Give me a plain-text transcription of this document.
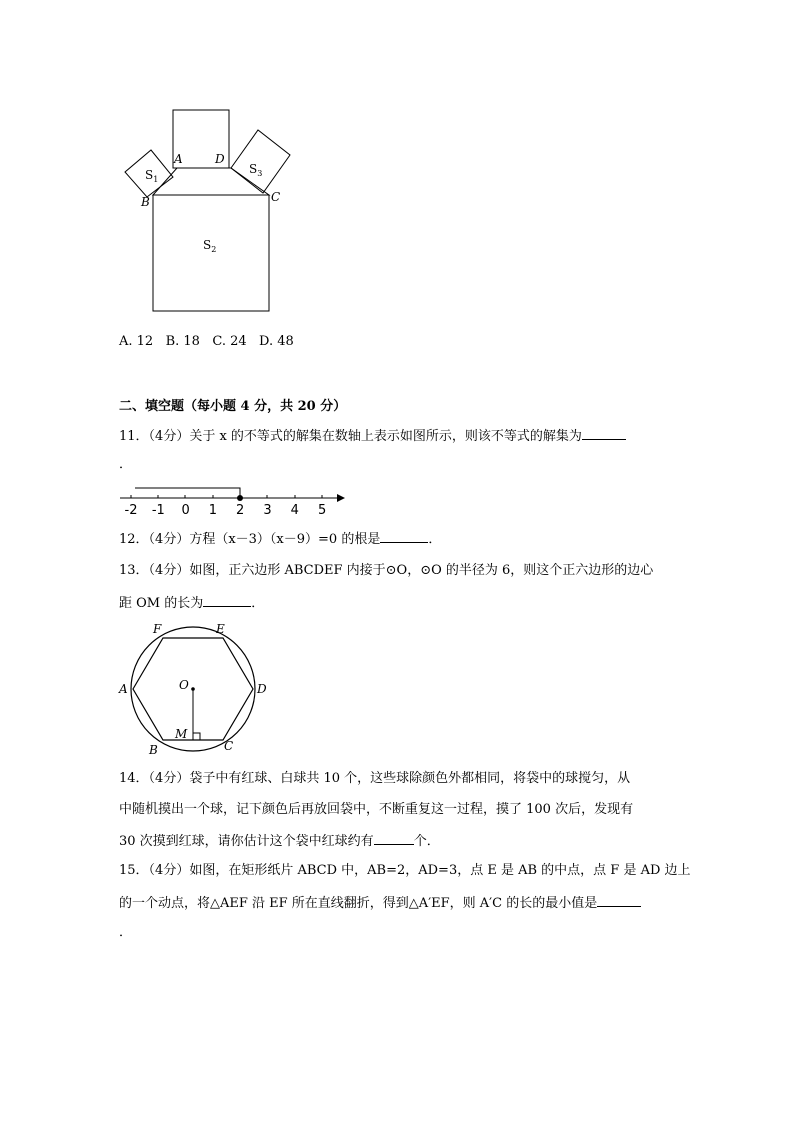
A	D
B	C
$S_1$
$S_3$
$S_2$
A. 12   B. 18   C. 24   D. 48
二、填空题（每小题 4 分，共 20 分）
11．（4分）关于 x 的不等式的解集在数轴上表示如图所示，则该不等式的解集为
．
-2 -1 0 1 2 3 4 5
12．（4分）方程（x－3）（x－9）=0 的根是	．
13．（4分）如图，正六边形 ABCDEF 内接于⊙O，⊙O 的半径为 6，则这个正六边形的边心
距 OM 的长为	．
F	E
A	D
O
M
B	C
14．（4分）袋子中有红球、白球共 10 个，这些球除颜色外都相同，将袋中的球搅匀，从
中随机摸出一个球，记下颜色后再放回袋中，不断重复这一过程，摸了 100 次后，发现有
30 次摸到红球，请你估计这个袋中红球约有	个．
15．（4分）如图，在矩形纸片 ABCD 中，AB=2，AD=3，点 E 是 AB 的中点，点 F 是 AD 边上
的一个动点，将△AEF 沿 EF 所在直线翻折，得到△A′EF，则 A′C 的长的最小值是
．
